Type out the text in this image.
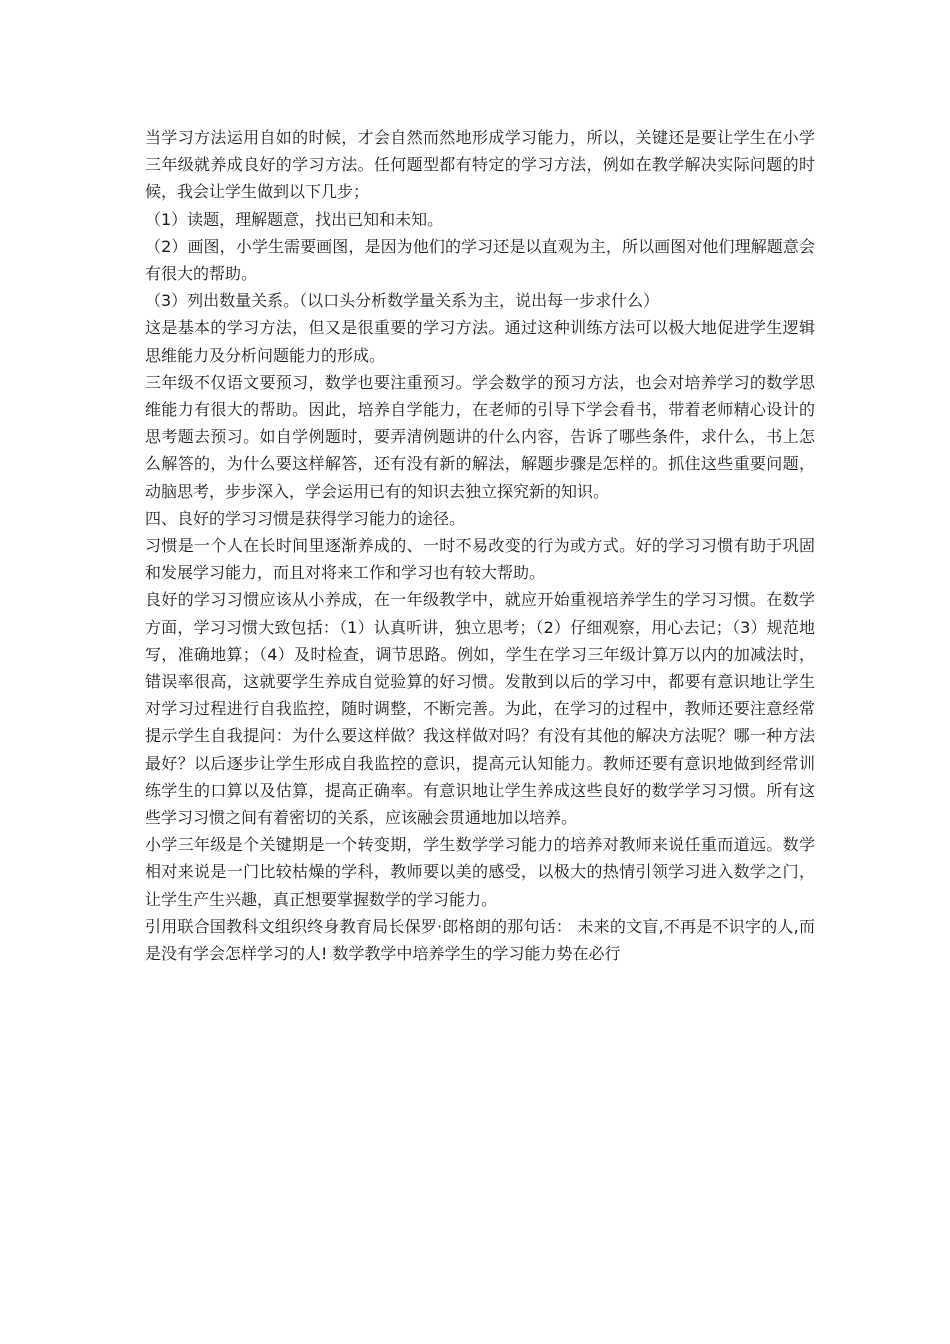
当学习方法运用自如的时候，才会自然而然地形成学习能力，所以，关键还是要让学生在小学三年级就养成良好的学习方法。任何题型都有特定的学习方法，例如在教学解决实际问题的时候，我会让学生做到以下几步；

（1）读题，理解题意，找出已知和未知。

（2）画图，小学生需要画图，是因为他们的学习还是以直观为主，所以画图对他们理解题意会有很大的帮助。

（3）列出数量关系。（以口头分析数学量关系为主，说出每一步求什么）

这是基本的学习方法，但又是很重要的学习方法。通过这种训练方法可以极大地促进学生逻辑思维能力及分析问题能力的形成。

三年级不仅语文要预习，数学也要注重预习。学会数学的预习方法，也会对培养学习的数学思维能力有很大的帮助。因此，培养自学能力，在老师的引导下学会看书，带着老师精心设计的思考题去预习。如自学例题时，要弄清例题讲的什么内容，告诉了哪些条件，求什么，书上怎么解答的，为什么要这样解答，还有没有新的解法，解题步骤是怎样的。抓住这些重要问题，动脑思考，步步深入，学会运用已有的知识去独立探究新的知识。

四、良好的学习习惯是获得学习能力的途径。

习惯是一个人在长时间里逐渐养成的、一时不易改变的行为或方式。好的学习习惯有助于巩固和发展学习能力，而且对将来工作和学习也有较大帮助。

良好的学习习惯应该从小养成，在一年级教学中，就应开始重视培养学生的学习习惯。在数学方面，学习习惯大致包括：（1）认真听讲，独立思考；（2）仔细观察，用心去记；（3）规范地写，准确地算；（4）及时检查，调节思路。例如，学生在学习三年级计算万以内的加减法时，错误率很高，这就要学生养成自觉验算的好习惯。发散到以后的学习中，都要有意识地让学生对学习过程进行自我监控，随时调整，不断完善。为此，在学习的过程中，教师还要注意经常提示学生自我提问：为什么要这样做？我这样做对吗？有没有其他的解决方法呢？哪一种方法最好？以后逐步让学生形成自我监控的意识，提高元认知能力。教师还要有意识地做到经常训练学生的口算以及估算，提高正确率。有意识地让学生养成这些良好的数学学习习惯。所有这些学习习惯之间有着密切的关系，应该融会贯通地加以培养。

小学三年级是个关键期是一个转变期，学生数学学习能力的培养对教师来说任重而道远。数学相对来说是一门比较枯燥的学科，教师要以美的感受，以极大的热情引领学习进入数学之门，让学生产生兴趣，真正想要掌握数学的学习能力。

引用联合国教科文组织终身教育局长保罗·郎格朗的那句话： 未来的文盲,不再是不识字的人,而是没有学会怎样学习的人! 数学教学中培养学生的学习能力势在必行
